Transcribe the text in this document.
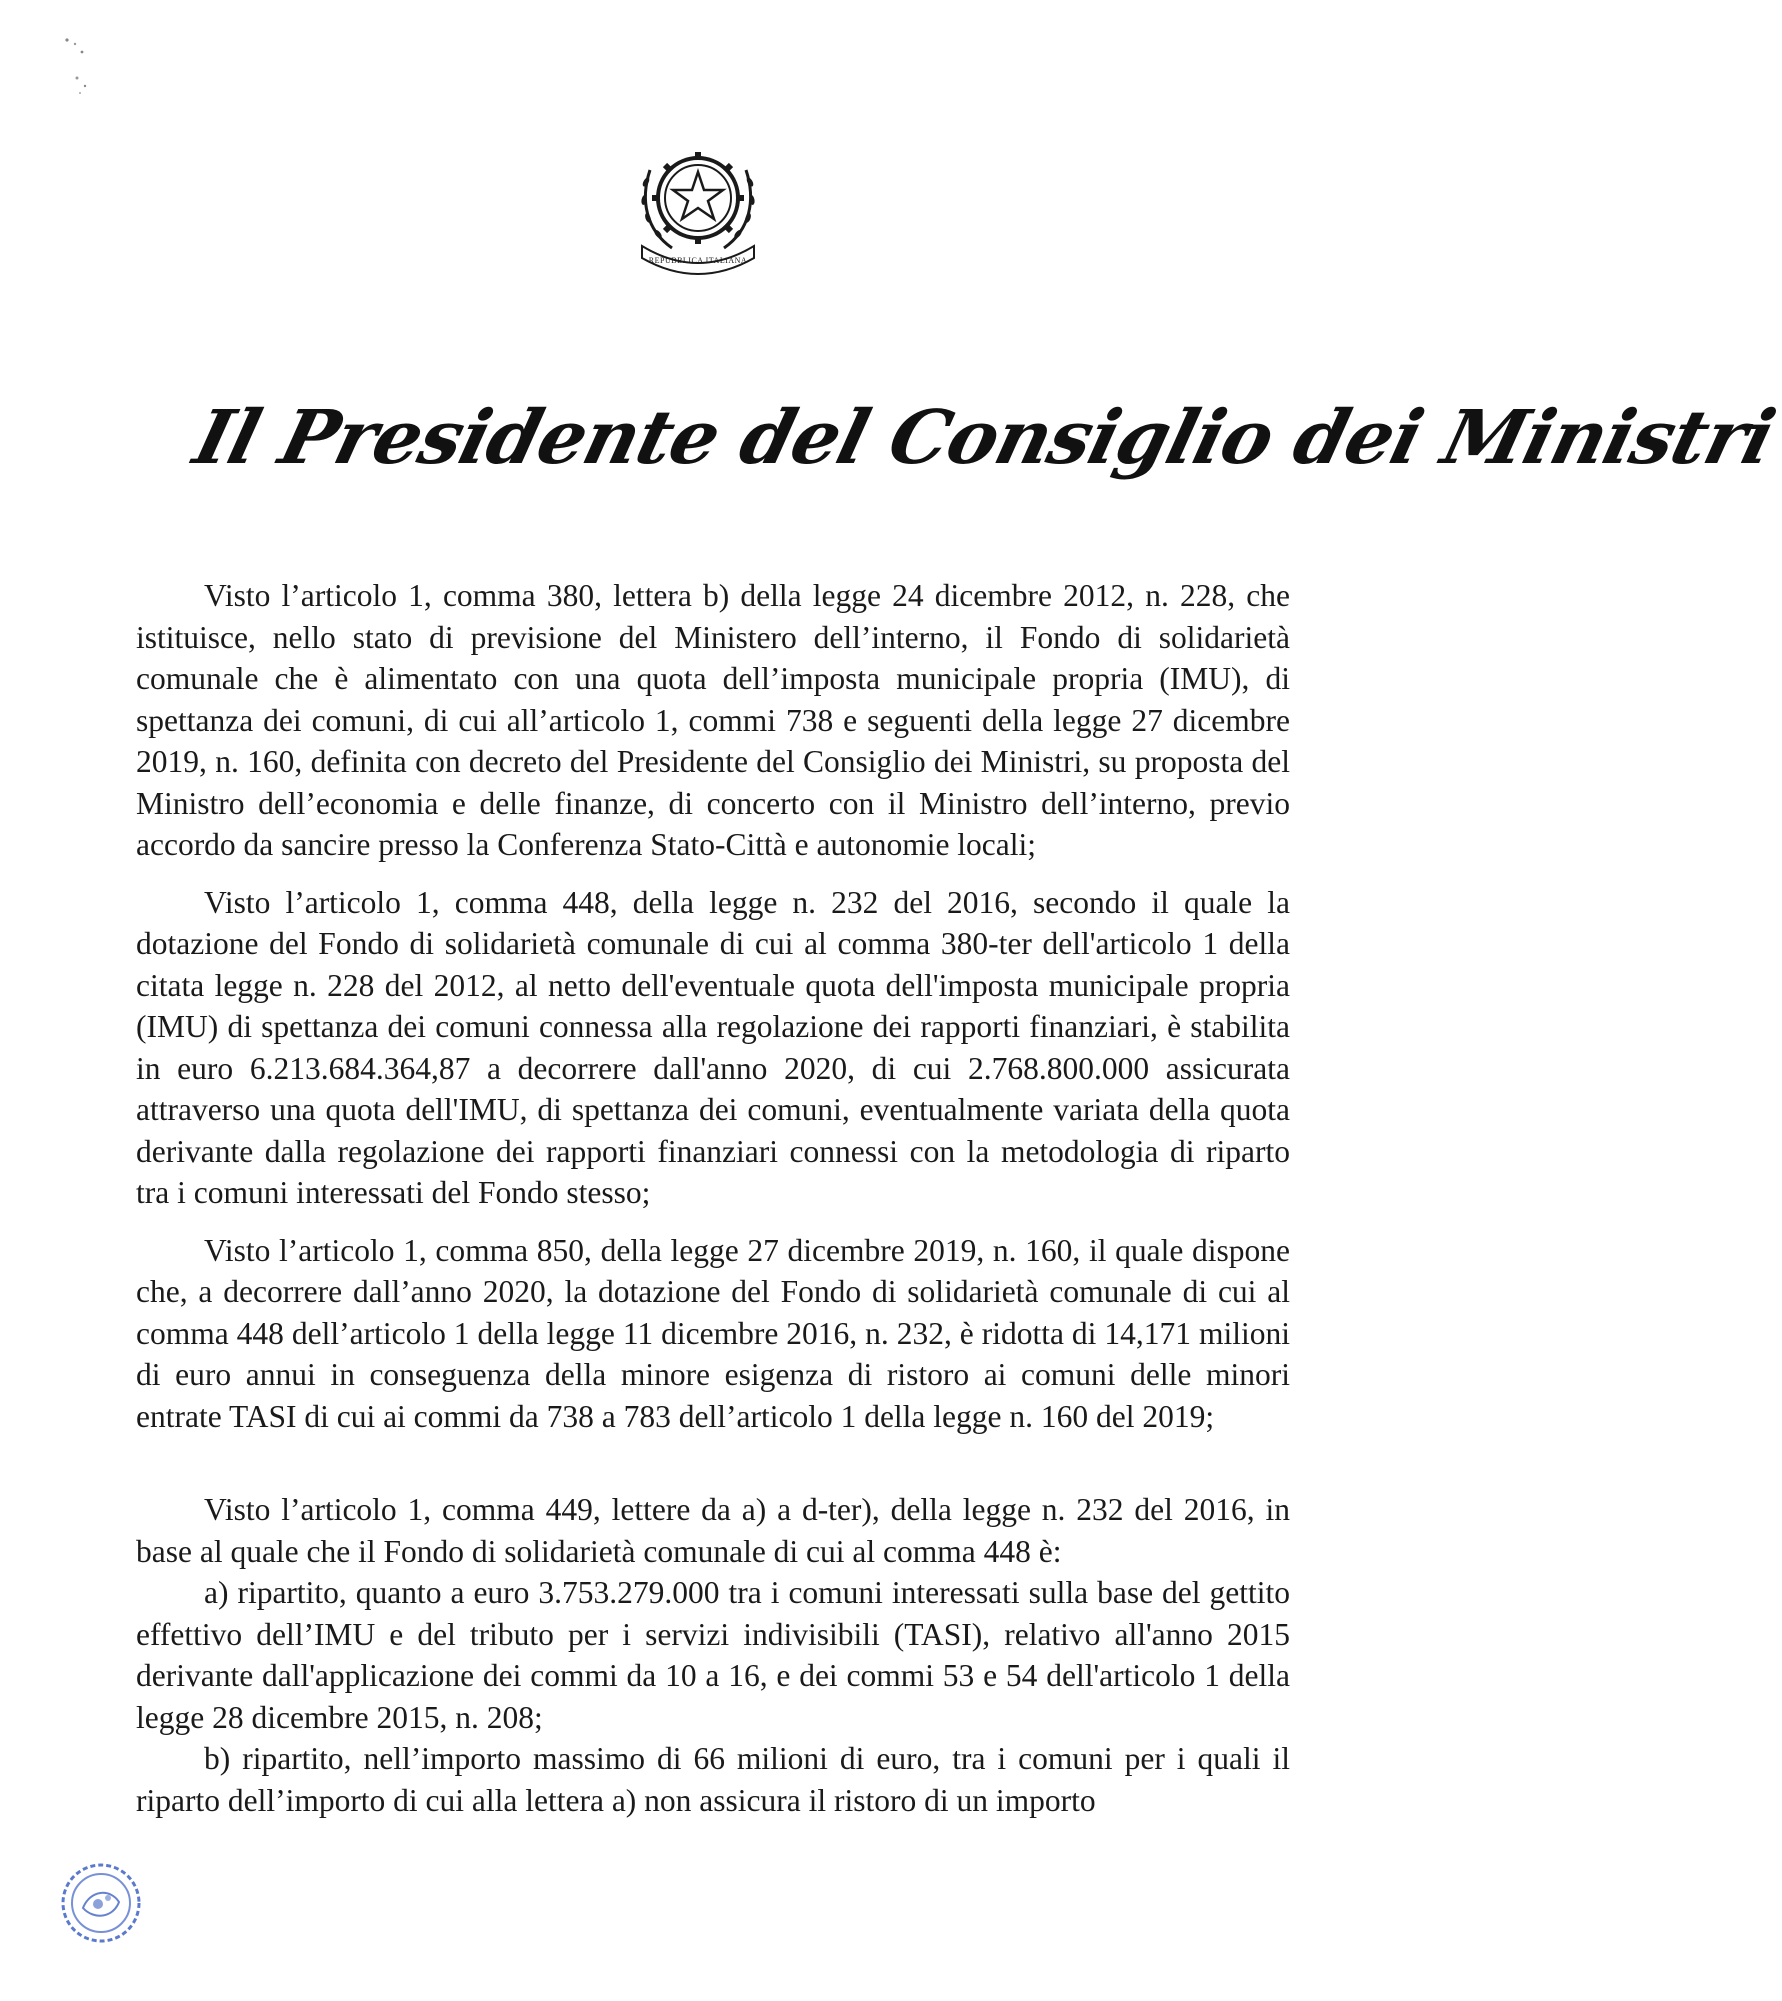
REPUBBLICA ITALIANA
Il Presidente del Consiglio dei Ministri

Visto l’articolo 1, comma 380, lettera b) della legge 24 dicembre 2012, n. 228, che istituisce, nello stato di previsione del Ministero dell’interno, il Fondo di solidarietà comunale che è alimentato con una quota dell’imposta municipale propria (IMU), di spettanza dei comuni, di cui all’articolo 1, commi 738 e seguenti della legge 27 dicembre 2019, n. 160, definita con decreto del Presidente del Consiglio dei Ministri, su proposta del Ministro dell’economia e delle finanze, di concerto con il Ministro dell’interno, previo accordo da sancire presso la Conferenza Stato-Città e autonomie locali;

Visto l’articolo 1, comma 448, della legge n. 232 del 2016, secondo il quale la dotazione del Fondo di solidarietà comunale di cui al comma 380-ter dell'articolo 1 della citata legge n. 228 del 2012, al netto dell'eventuale quota dell'imposta municipale propria (IMU) di spettanza dei comuni connessa alla regolazione dei rapporti finanziari, è stabilita in euro 6.213.684.364,87 a decorrere dall'anno 2020, di cui 2.768.800.000 assicurata attraverso una quota dell'IMU, di spettanza dei comuni, eventualmente variata della quota derivante dalla regolazione dei rapporti finanziari connessi con la metodologia di riparto tra i comuni interessati del Fondo stesso;

Visto l’articolo 1, comma 850, della legge 27 dicembre 2019, n. 160, il quale dispone che, a decorrere dall’anno 2020, la dotazione del Fondo di solidarietà comunale di cui al comma 448 dell’articolo 1 della legge 11 dicembre 2016, n. 232, è ridotta di 14,171 milioni di euro annui in conseguenza della minore esigenza di ristoro ai comuni delle minori entrate TASI di cui ai commi da 738 a 783 dell’articolo 1 della legge n. 160 del 2019;

Visto l’articolo 1, comma 449, lettere da a) a d-ter), della legge n. 232 del 2016, in base al quale che il Fondo di solidarietà comunale di cui al comma 448 è:

a) ripartito, quanto a euro 3.753.279.000 tra i comuni interessati sulla base del gettito effettivo dell’IMU e del tributo per i servizi indivisibili (TASI), relativo all'anno 2015 derivante dall'applicazione dei commi da 10 a 16, e dei commi 53 e 54 dell'articolo 1 della legge 28 dicembre 2015, n. 208;

b) ripartito, nell’importo massimo di 66 milioni di euro, tra i comuni per i quali il riparto dell’importo di cui alla lettera a) non assicura il ristoro di un importo
